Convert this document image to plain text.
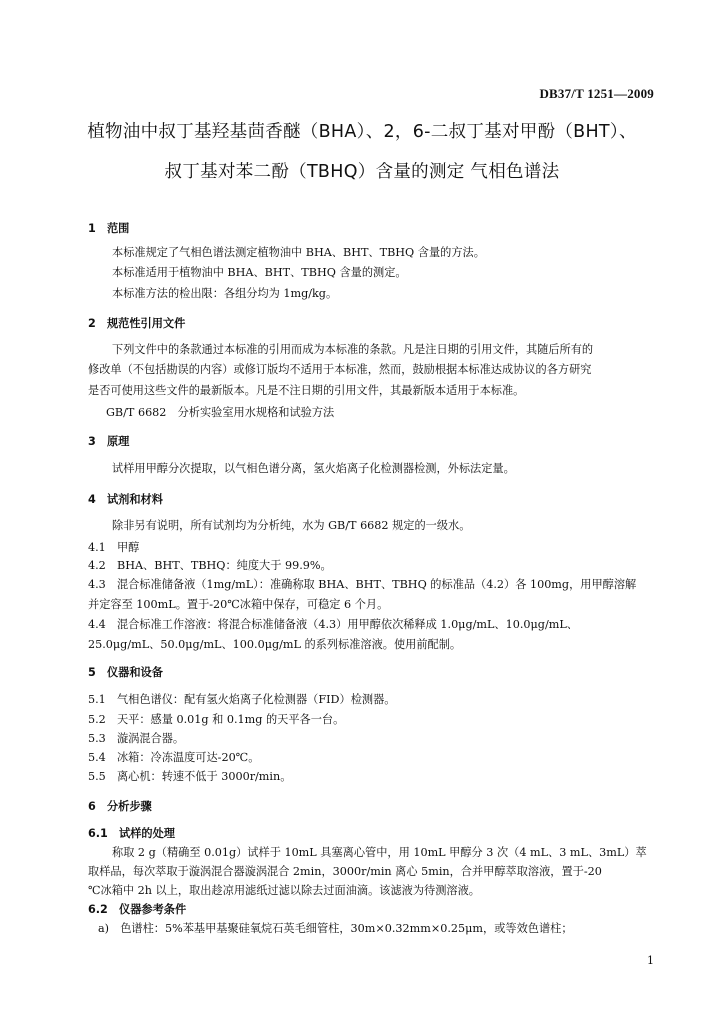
DB37/T 1251—2009
植物油中叔丁基羟基茴香醚（BHA）、2，6-二叔丁基对甲酚（BHT）、
叔丁基对苯二酚（TBHQ）含量的测定 气相色谱法
1　范围
本标准规定了气相色谱法测定植物油中 BHA、BHT、TBHQ 含量的方法。
本标准适用于植物油中 BHA、BHT、TBHQ 含量的测定。
本标准方法的检出限：各组分均为 1mg/kg。
2　规范性引用文件
下列文件中的条款通过本标准的引用而成为本标准的条款。凡是注日期的引用文件，其随后所有的
修改单（不包括勘误的内容）或修订版均不适用于本标准，然而，鼓励根据本标准达成协议的各方研究
是否可使用这些文件的最新版本。凡是不注日期的引用文件，其最新版本适用于本标准。
GB/T 6682　分析实验室用水规格和试验方法
3　原理
试样用甲醇分次提取，以气相色谱分离，氢火焰离子化检测器检测，外标法定量。
4　试剂和材料
除非另有说明，所有试剂均为分析纯，水为 GB/T 6682 规定的一级水。
4.1　甲醇
4.2　BHA、BHT、TBHQ：纯度大于 99.9%。
4.3　混合标准储备液（1mg/mL）：准确称取 BHA、BHT、TBHQ 的标准品（4.2）各 100mg，用甲醇溶解
并定容至 100mL。置于-20℃冰箱中保存，可稳定 6 个月。
4.4　混合标准工作溶液：将混合标准储备液（4.3）用甲醇依次稀释成 1.0μg/mL、10.0μg/mL、
25.0μg/mL、50.0μg/mL、100.0μg/mL 的系列标准溶液。使用前配制。
5　仪器和设备
5.1　气相色谱仪：配有氢火焰离子化检测器（FID）检测器。
5.2　天平：感量 0.01g 和 0.1mg 的天平各一台。
5.3　漩涡混合器。
5.4　冰箱：冷冻温度可达-20℃。
5.5　离心机：转速不低于 3000r/min。
6　分析步骤
6.1　试样的处理
称取 2 g（精确至 0.01g）试样于 10mL 具塞离心管中，用 10mL 甲醇分 3 次（4 mL、3 mL、3mL）萃
取样品，每次萃取于漩涡混合器漩涡混合 2min，3000r/min 离心 5min，合并甲醇萃取溶液，置于-20
℃冰箱中 2h 以上，取出趁凉用滤纸过滤以除去过面油滴。该滤液为待测溶液。
6.2　仪器参考条件
a)　色谱柱：5%苯基甲基聚硅氧烷石英毛细管柱，30m×0.32mm×0.25μm，或等效色谱柱；
1
